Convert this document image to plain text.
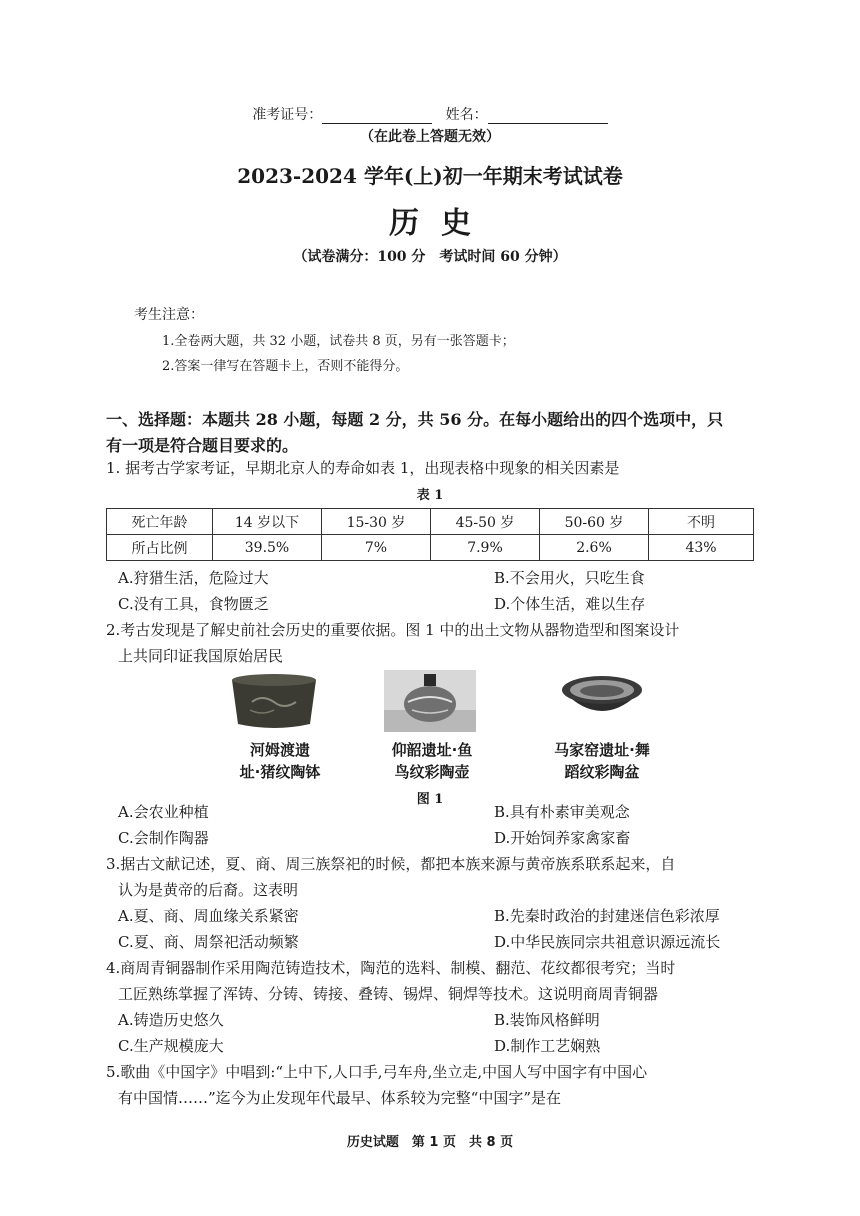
准考证号：	姓名：
（在此卷上答题无效）
2023-2024 学年(上)初一年期末考试试卷
历史
（试卷满分：100 分　考试时间 60 分钟）
考生注意：
1.全卷两大题，共 32 小题，试卷共 8 页，另有一张答题卡；
2.答案一律写在答题卡上，否则不能得分。
一、选择题：本题共 28 小题，每题 2 分，共 56 分。在每小题给出的四个选项中，只
有一项是符合题目要求的。
1. 据考古学家考证，早期北京人的寿命如表 1，出现表格中现象的相关因素是
表 1
死亡年龄	14 岁以下	15-30 岁	45-50 岁	50-60 岁	不明
所占比例	39.5%	7%	7.9%	2.6%	43%
A.狩猎生活，危险过大	B.不会用火，只吃生食
C.没有工具，食物匮乏	D.个体生活，难以生存
2.考古发现是了解史前社会历史的重要依据。图 1 中的出土文物从器物造型和图案设计
上共同印证我国原始居民
河姆渡遗
址·猪纹陶钵
仰韶遗址·鱼
鸟纹彩陶壶
马家窑遗址·舞
蹈纹彩陶盆
图 1
A.会农业种植	B.具有朴素审美观念
C.会制作陶器	D.开始饲养家禽家畜
3.据古文献记述，夏、商、周三族祭祀的时候，都把本族来源与黄帝族系联系起来，自
认为是黄帝的后裔。这表明
A.夏、商、周血缘关系紧密	B.先秦时政治的封建迷信色彩浓厚
C.夏、商、周祭祀活动频繁	D.中华民族同宗共祖意识源远流长
4.商周青铜器制作采用陶范铸造技术，陶范的选料、制模、翻范、花纹都很考究；当时
工匠熟练掌握了浑铸、分铸、铸接、叠铸、锡焊、铜焊等技术。这说明商周青铜器
A.铸造历史悠久	B.装饰风格鲜明
C.生产规模庞大	D.制作工艺娴熟
5.歌曲《中国字》中唱到:“上中下,人口手,弓车舟,坐立走,中国人写中国字有中国心
有中国情……”迄今为止发现年代最早、体系较为完整“中国字”是在
历史试题　第 1 页　共 8 页
